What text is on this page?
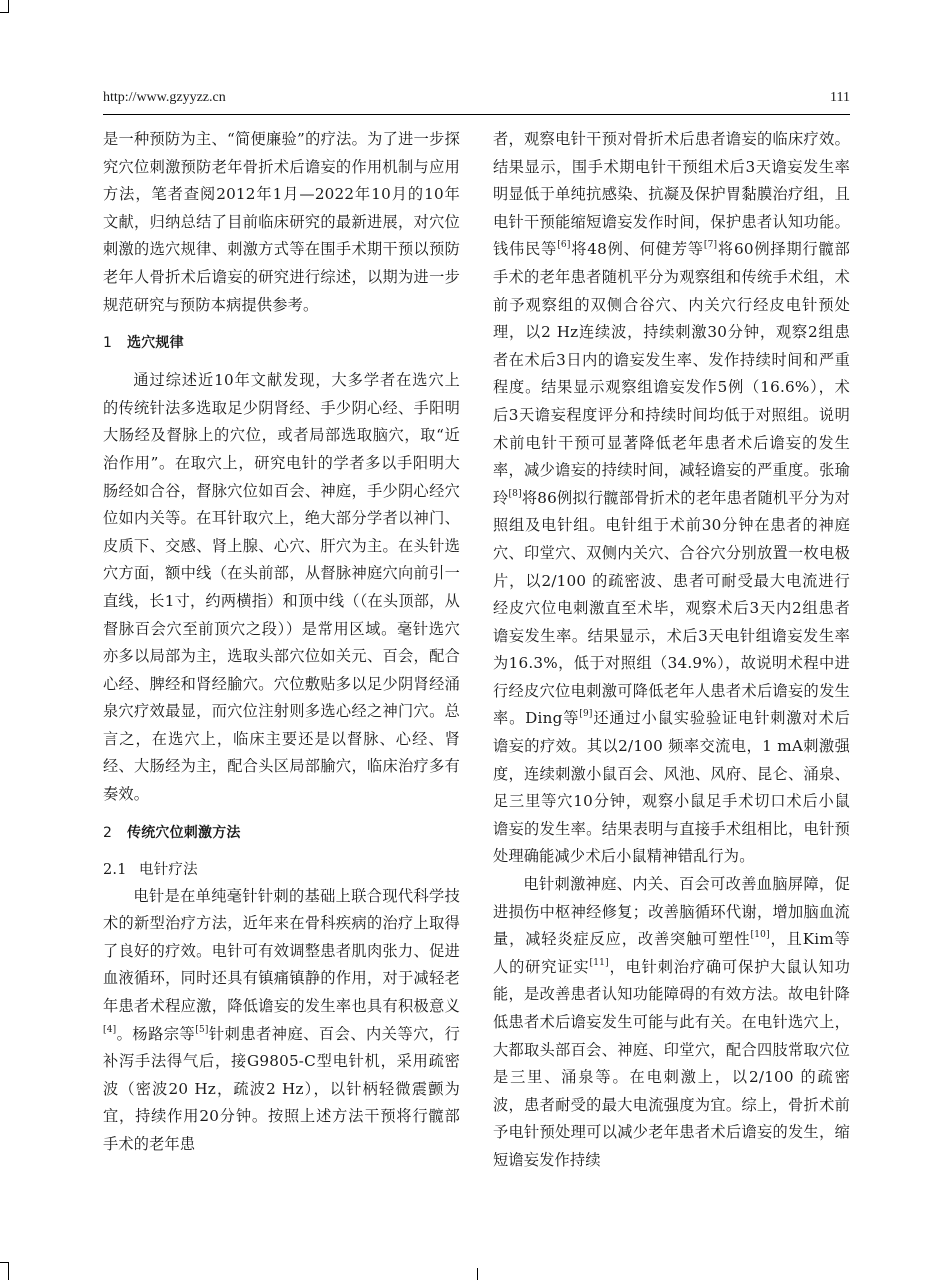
http://www.gzyyzz.cn	111

是一种预防为主、“简便廉验”的疗法。为了进一步探究穴位刺激预防老年骨折术后谵妄的作用机制与应用方法，笔者查阅2012年1月—2022年10月的10年文献，归纳总结了目前临床研究的最新进展，对穴位刺激的选穴规律、刺激方式等在围手术期干预以预防老年人骨折术后谵妄的研究进行综述，以期为进一步规范研究与预防本病提供参考。

1 选穴规律

通过综述近10年文献发现，大多学者在选穴上的传统针法多选取足少阴肾经、手少阴心经、手阳明大肠经及督脉上的穴位，或者局部选取脑穴，取“近治作用”。在取穴上，研究电针的学者多以手阳明大肠经如合谷，督脉穴位如百会、神庭，手少阴心经穴位如内关等。在耳针取穴上，绝大部分学者以神门、皮质下、交感、肾上腺、心穴、肝穴为主。在头针选穴方面，额中线（在头前部，从督脉神庭穴向前引一直线，长1寸，约两横指）和顶中线（（在头顶部，从督脉百会穴至前顶穴之段））是常用区域。毫针选穴亦多以局部为主，选取头部穴位如关元、百会，配合心经、脾经和肾经腧穴。穴位敷贴多以足少阴肾经涌泉穴疗效最显，而穴位注射则多选心经之神门穴。总言之，在选穴上，临床主要还是以督脉、心经、肾经、大肠经为主，配合头区局部腧穴，临床治疗多有奏效。

2 传统穴位刺激方法
2.1 电针疗法

电针是在单纯毫针针刺的基础上联合现代科学技术的新型治疗方法，近年来在骨科疾病的治疗上取得了良好的疗效。电针可有效调整患者肌肉张力、促进血液循环，同时还具有镇痛镇静的作用，对于减轻老年患者术程应激，降低谵妄的发生率也具有积极意义[4]。杨路宗等[5]针刺患者神庭、百会、内关等穴，行补泻手法得气后，接G9805-C型电针机，采用疏密波（密波20 Hz，疏波2 Hz），以针柄轻微震颤为宜，持续作用20分钟。按照上述方法干预将行髋部手术的老年患

者，观察电针干预对骨折术后患者谵妄的临床疗效。结果显示，围手术期电针干预组术后3天谵妄发生率明显低于单纯抗感染、抗凝及保护胃黏膜治疗组，且电针干预能缩短谵妄发作时间，保护患者认知功能。钱伟民等[6]将48例、何健芳等[7]将60例择期行髋部手术的老年患者随机平分为观察组和传统手术组，术前予观察组的双侧合谷穴、内关穴行经皮电针预处理，以2 Hz连续波，持续刺激30分钟，观察2组患者在术后3日内的谵妄发生率、发作持续时间和严重程度。结果显示观察组谵妄发作5例（16.6%），术后3天谵妄程度评分和持续时间均低于对照组。说明术前电针干预可显著降低老年患者术后谵妄的发生率，减少谵妄的持续时间，减轻谵妄的严重度。张瑜玲[8]将86例拟行髋部骨折术的老年患者随机平分为对照组及电针组。电针组于术前30分钟在患者的神庭穴、印堂穴、双侧内关穴、合谷穴分别放置一枚电极片，以2/100 的疏密波、患者可耐受最大电流进行经皮穴位电刺激直至术毕，观察术后3天内2组患者谵妄发生率。结果显示，术后3天电针组谵妄发生率为16.3%，低于对照组（34.9%），故说明术程中进行经皮穴位电刺激可降低老年人患者术后谵妄的发生率。Ding等[9]还通过小鼠实验验证电针刺激对术后谵妄的疗效。其以2/100 频率交流电，1 mA刺激强度，连续刺激小鼠百会、风池、风府、昆仑、涌泉、足三里等穴10分钟，观察小鼠足手术切口术后小鼠谵妄的发生率。结果表明与直接手术组相比，电针预处理确能减少术后小鼠精神错乱行为。

电针刺激神庭、内关、百会可改善血脑屏障，促进损伤中枢神经修复；改善脑循环代谢，增加脑血流量，减轻炎症反应，改善突触可塑性[10]，且Kim等人的研究证实[11]，电针刺治疗确可保护大鼠认知功能，是改善患者认知功能障碍的有效方法。故电针降低患者术后谵妄发生可能与此有关。在电针选穴上，大都取头部百会、神庭、印堂穴，配合四肢常取穴位是三里、涌泉等。在电刺激上，以2/100 的疏密波，患者耐受的最大电流强度为宜。综上，骨折术前予电针预处理可以减少老年患者术后谵妄的发生，缩短谵妄发作持续
